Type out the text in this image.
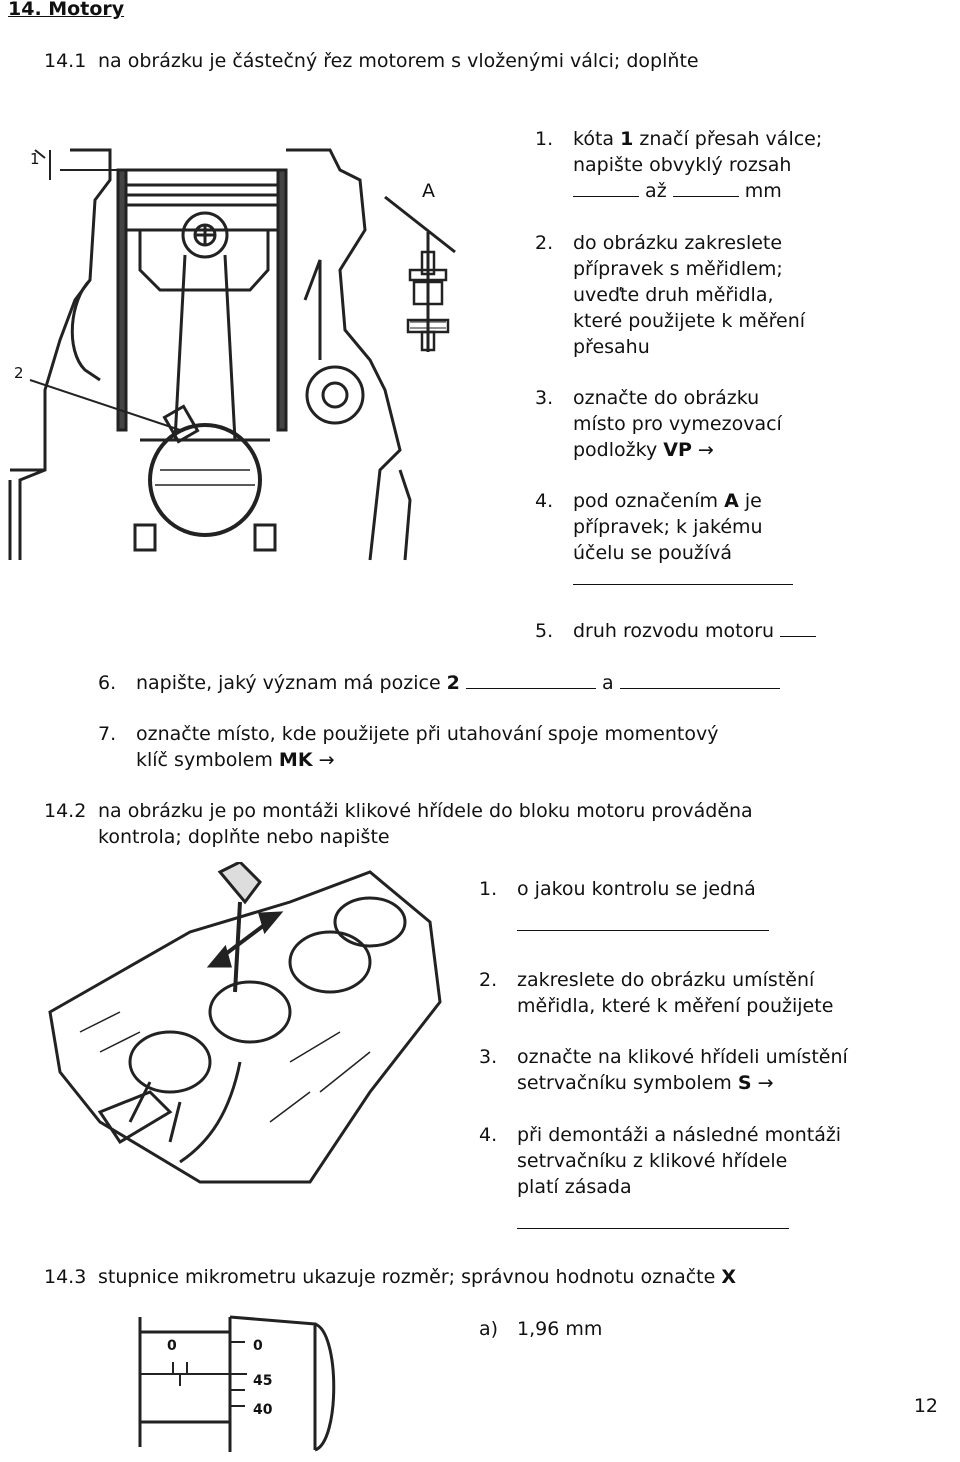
14. Motory
14.1 na obrázku je částečný řez motorem s vloženými válci; doplňte
1
2
A
1. kóta 1 značí přesah válce;
napište obvyklý rozsah
až	mm
2. do obrázku zakreslete
přípravek s měřidlem;
uveďte druh měřidla,
které použijete k měření
přesahu
3. označte do obrázku
místo pro vymezovací
podložky VP →
4. pod označením A je
přípravek; k jakému
účelu se používá
5. druh rozvodu motoru
6. napište, jaký význam má pozice 2	a
7. označte místo, kde použijete při utahování spoje momentový
klíč symbolem MK →
14.2 na obrázku je po montáži klikové hřídele do bloku motoru prováděna
kontrola; doplňte nebo napište
1. o jakou kontrolu se jedná
2. zakreslete do obrázku umístění
měřidla, které k měření použijete
3. označte na klikové hřídeli umístění
setrvačníku symbolem S →
4. při demontáži a následné montáži
setrvačníku z klikové hřídele
platí zásada
14.3 stupnice mikrometru ukazuje rozměr; správnou hodnotu označte X
0	0
45
40
a) 1,96 mm
12
